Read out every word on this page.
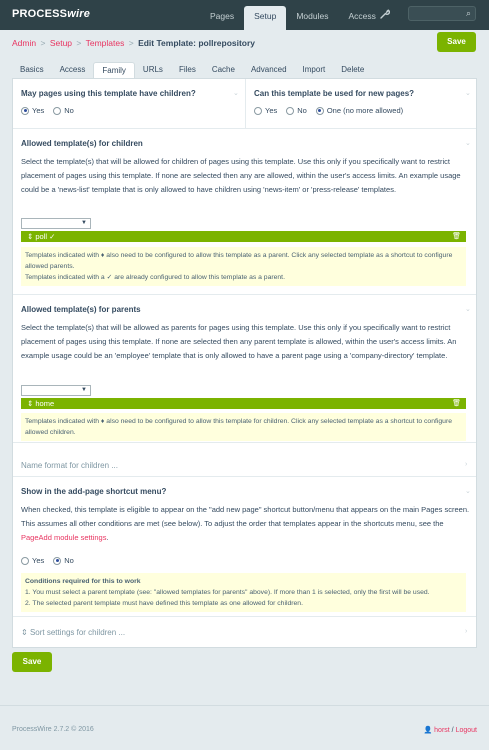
PROCESSwire	Pages	Setup	Modules	Access	⌕
Admin > Setup > Templates > Edit Template: pollrepository	Save
Basics	Access	Family	URLs	Files	Cache	Advanced	Import	Delete
May pages using this template have children?	⌄
Yes	No
Can this template be used for new pages?	⌄
Yes	No	One (no more allowed)
Allowed template(s) for children	⌄
Select the template(s) that will be allowed for children of pages using this template. Use this only if you specifically want to restrict placement of pages using this template. If none are selected then any are allowed, within the user's access limits. An example usage could be a 'news-list' template that is only allowed to have children using 'news-item' or 'press-release' templates.
▼
⇕ poll ✓	🗑
Templates indicated with ♦ also need to be configured to allow this template as a parent. Click any selected template as a shortcut to configure allowed parents.
Templates indicated with a ✓ are already configured to allow this template as a parent.
Allowed template(s) for parents	⌄
Select the template(s) that will be allowed as parents for pages using this template. Use this only if you specifically want to restrict placement of pages using this template. If none are selected then any parent template is allowed, within the user's access limits. An example usage could be an 'employee' template that is only allowed to have a parent page using a 'company-directory' template.
▼
⇕ home	🗑
Templates indicated with ♦ also need to be configured to allow this template for children. Click any selected template as a shortcut to configure allowed children.
Name format for children ...	›
Show in the add-page shortcut menu?	⌄
When checked, this template is eligible to appear on the "add new page" shortcut button/menu that appears on the main Pages screen. This assumes all other conditions are met (see below). To adjust the order that templates appear in the shortcuts menu, see the PageAdd module settings.
Yes	No
Conditions required for this to work
1. You must select a parent template (see: "allowed templates for parents" above). If more than 1 is selected, only the first will be used.
2. The selected parent template must have defined this template as one allowed for children.
⇕ Sort settings for children ...	›
Save
ProcessWire 2.7.2 © 2016	👤 horst / Logout
